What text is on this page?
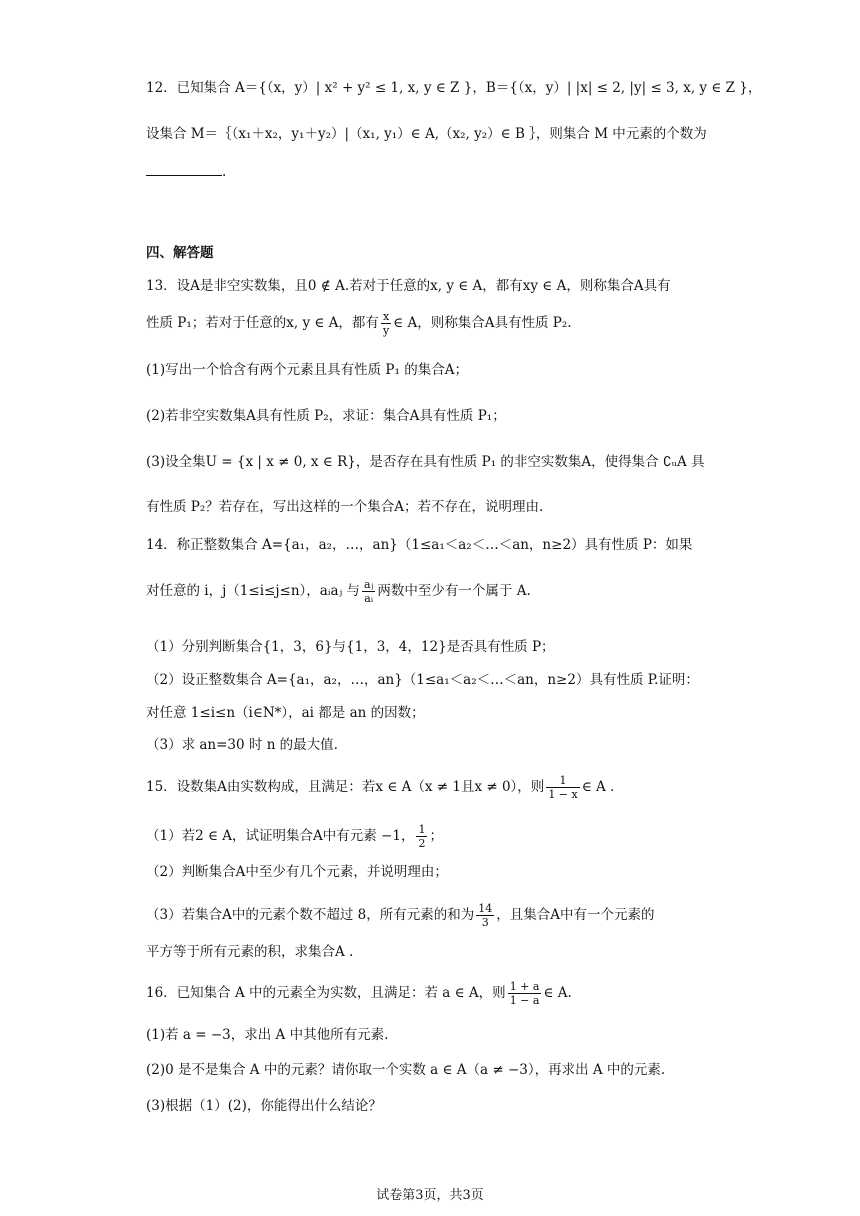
12．已知集合 A＝{（x，y）| x² + y² ≤ 1, x, y ∈ Z }，B＝{（x，y）| |x| ≤ 2, |y| ≤ 3, x, y ∈ Z }，
设集合 M＝｛（x₁＋x₂，y₁＋y₂）|（x₁, y₁）∈ A,（x₂, y₂）∈ B ｝，则集合 M 中元素的个数为
.
四、解答题
13．设A是非空实数集，且0 ∉ A.若对于任意的x, y ∈ A，都有xy ∈ A，则称集合A具有
性质 P₁；若对于任意的x, y ∈ A，都有 $\frac{x}{y}$ ∈ A，则称集合A具有性质 P₂.
(1)写出一个恰含有两个元素且具有性质 P₁ 的集合A；
(2)若非空实数集A具有性质 P₂，求证：集合A具有性质 P₁；
(3)设全集U = {x | x ≠ 0, x ∈ R}，是否存在具有性质 P₁ 的非空实数集A，使得集合 ∁ᵤA 具
有性质 P₂？若存在，写出这样的一个集合A；若不存在，说明理由.
14．称正整数集合 A={a₁，a₂，…，an}（1≤a₁＜a₂＜…＜an，n≥2）具有性质 P：如果
对任意的 i，j（1≤i≤j≤n），aᵢaⱼ 与 $\frac{\text{aⱼ}}{\text{aᵢ}}$ 两数中至少有一个属于 A.
（1）分别判断集合{1，3，6}与{1，3，4，12}是否具有性质 P；
（2）设正整数集合 A={a₁，a₂，…，an}（1≤a₁＜a₂＜…＜an，n≥2）具有性质 P.证明：
对任意 1≤i≤n（i∈N*），ai 都是 an 的因数；
（3）求 an=30 时 n 的最大值.
15．设数集A由实数构成，且满足：若x ∈ A（x ≠ 1且x ≠ 0），则 $\frac{1}{1 - x}$ ∈ A .
（1）若2 ∈ A，试证明集合A中有元素 −1， $\frac{1}{2}$ ；
（2）判断集合A中至少有几个元素，并说明理由；
（3）若集合A中的元素个数不超过 8，所有元素的和为 $\frac{14}{3}$ ，且集合A中有一个元素的
平方等于所有元素的积，求集合A .
16．已知集合 A 中的元素全为实数，且满足：若 a ∈ A，则 $\frac{1 + a}{1 - a}$ ∈ A.
(1)若 a = −3，求出 A 中其他所有元素.
(2)0 是不是集合 A 中的元素？请你取一个实数 a ∈ A（a ≠ −3），再求出 A 中的元素.
(3)根据（1）(2)，你能得出什么结论？
试卷第3页，共3页
